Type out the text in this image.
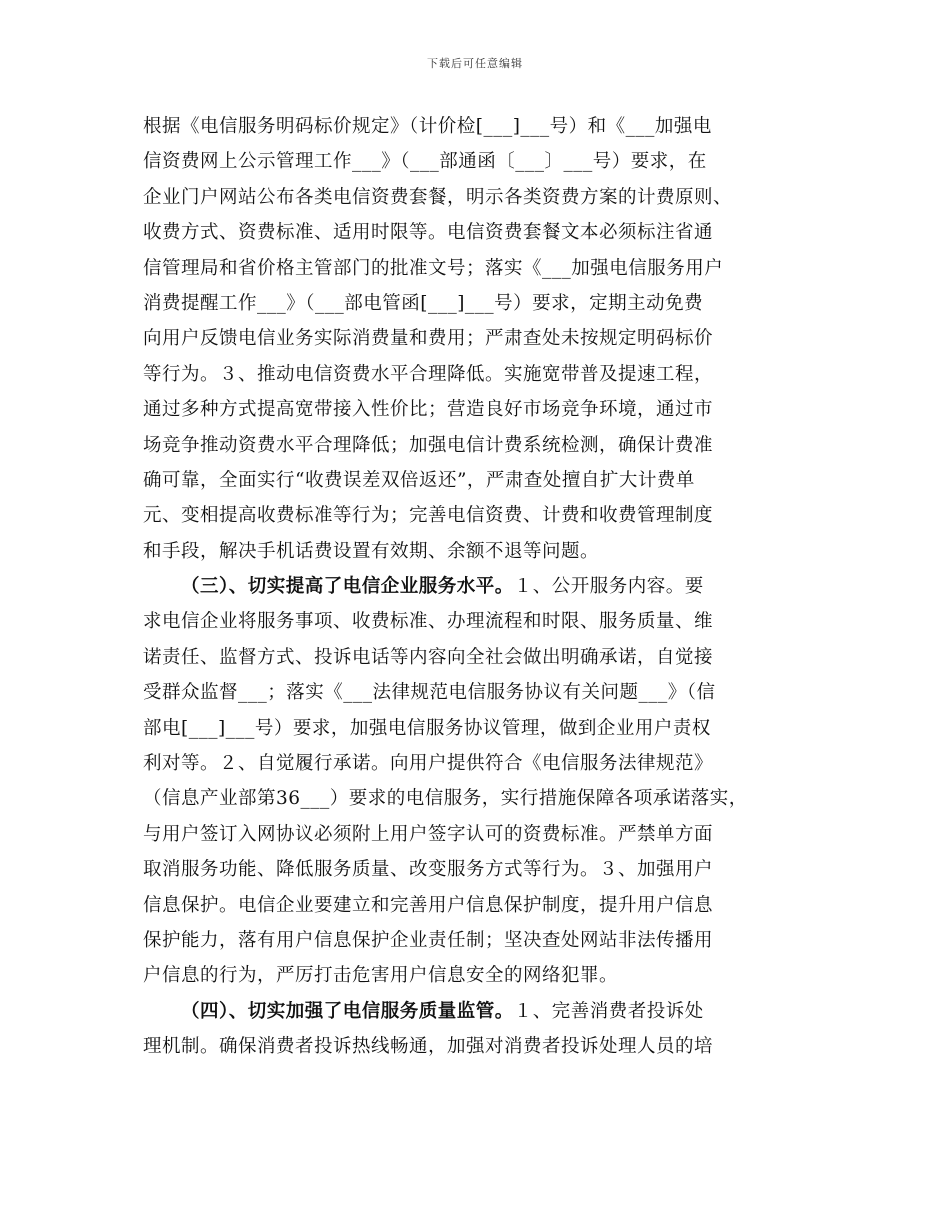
下载后可任意编辑
根据《电信服务明码标价规定》（计价检[___]___号）和《___加强电
信资费网上公示管理工作___》（___部通函〔___〕___号）要求，在
企业门户网站公布各类电信资费套餐，明示各类资费方案的计费原则、
收费方式、资费标准、适用时限等。电信资费套餐文本必须标注省通
信管理局和省价格主管部门的批准文号；落实《___加强电信服务用户
消费提醒工作___》（___部电管函[___]___号）要求，定期主动免费
向用户反馈电信业务实际消费量和费用；严肃查处未按规定明码标价
等行为。３、推动电信资费水平合理降低。实施宽带普及提速工程，
通过多种方式提高宽带接入性价比；营造良好市场竞争环境，通过市
场竞争推动资费水平合理降低；加强电信计费系统检测，确保计费准
确可靠，全面实行“收费误差双倍返还”，严肃查处擅自扩大计费单
元、变相提高收费标准等行为；完善电信资费、计费和收费管理制度
和手段，解决手机话费设置有效期、余额不退等问题。
（三）、切实提高了电信企业服务水平。１、公开服务内容。要
求电信企业将服务事项、收费标准、办理流程和时限、服务质量、维
诺责任、监督方式、投诉电话等内容向全社会做出明确承诺，自觉接
受群众监督___；落实《___法律规范电信服务协议有关问题___》（信
部电[___]___号）要求，加强电信服务协议管理，做到企业用户责权
利对等。２、自觉履行承诺。向用户提供符合《电信服务法律规范》
（信息产业部第36___）要求的电信服务，实行措施保障各项承诺落实，
与用户签订入网协议必须附上用户签字认可的资费标准。严禁单方面
取消服务功能、降低服务质量、改变服务方式等行为。３、加强用户
信息保护。电信企业要建立和完善用户信息保护制度，提升用户信息
保护能力，落有用户信息保护企业责任制；坚决查处网站非法传播用
户信息的行为，严厉打击危害用户信息安全的网络犯罪。
（四）、切实加强了电信服务质量监管。１、完善消费者投诉处
理机制。确保消费者投诉热线畅通，加强对消费者投诉处理人员的培
